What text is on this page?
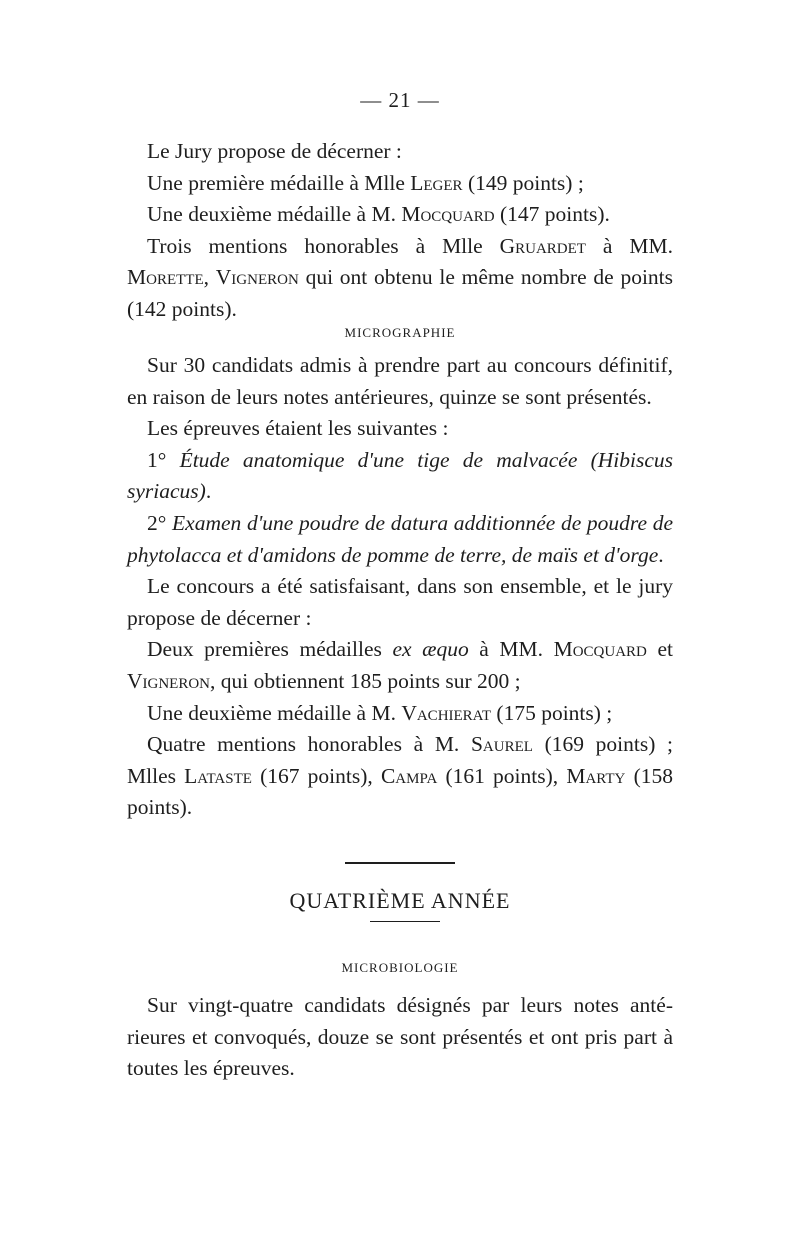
— 21 —

Le Jury propose de décerner :

Une première médaille à Mlle Leger (149 points) ;

Une deuxième médaille à M. Mocquard (147 points).

Trois mentions honorables à Mlle Gruardet à MM. Morette, Vigneron qui ont obtenu le même nombre de points (142 points).

MICROGRAPHIE

Sur 30 candidats admis à prendre part au concours définitif, en raison de leurs notes antérieures, quinze se sont présentés.

Les épreuves étaient les suivantes :

1° Étude anatomique d'une tige de malvacée (Hibiscus syriacus).

2° Examen d'une poudre de datura additionnée de poudre de phytolacca et d'amidons de pomme de terre, de maïs et d'orge.

Le concours a été satisfaisant, dans son ensemble, et le jury propose de décerner :

Deux premières médailles ex æquo à MM. Mocquard et Vigneron, qui obtiennent 185 points sur 200 ;

Une deuxième médaille à M. Vachierat (175 points) ;

Quatre mentions honorables à M. Saurel (169 points) ; Mlles Lataste (167 points), Campa (161 points), Marty (158 points).

QUATRIÈME ANNÉE
MICROBIOLOGIE

Sur vingt-quatre candidats désignés par leurs notes antérieures et convoqués, douze se sont présentés et ont pris part à toutes les épreuves.
